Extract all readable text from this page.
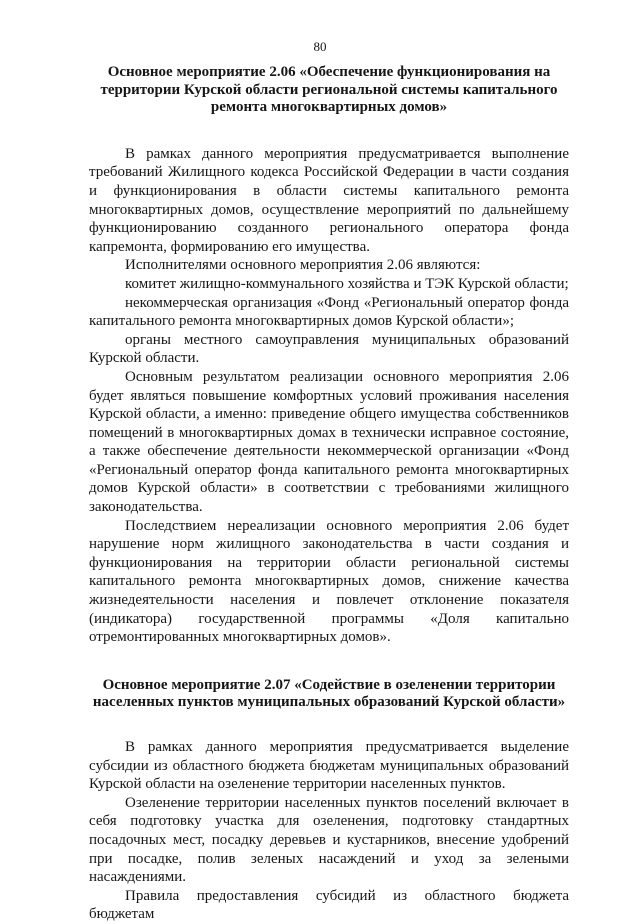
80
Основное мероприятие 2.06 «Обеспечение функционирования на
территории Курской области региональной системы капитального
ремонта многоквартирных домов»

В рамках данного мероприятия предусматривается выполнение требований Жилищного кодекса Российской Федерации в части создания и функционирования в области системы капитального ремонта многоквартирных домов, осуществление мероприятий по дальнейшему функционированию созданного регионального оператора фонда капремонта, формированию его имущества.

Исполнителями основного мероприятия 2.06 являются:

комитет жилищно-коммунального хозяйства и ТЭК Курской области;

некоммерческая организация «Фонд «Региональный оператор фонда капитального ремонта многоквартирных домов Курской области»;

органы местного самоуправления муниципальных образований Курской области.

Основным результатом реализации основного мероприятия 2.06 будет являться повышение комфортных условий проживания населения Курской области, а именно: приведение общего имущества собственников помещений в многоквартирных домах в технически исправное состояние, а также обеспечение деятельности некоммерческой организации «Фонд «Региональный оператор фонда капитального ремонта многоквартирных домов Курской области» в соответствии с требованиями жилищного законодательства.

Последствием нереализации основного мероприятия 2.06 будет нарушение норм жилищного законодательства в части создания и функционирования на территории области региональной системы капитального ремонта многоквартирных домов, снижение качества жизнедеятельности населения и повлечет отклонение показателя (индикатора) государственной программы «Доля капитально отремонтированных многоквартирных домов».

Основное мероприятие 2.07 «Содействие в озеленении территории
населенных пунктов муниципальных образований Курской области»

В рамках данного мероприятия предусматривается выделение субсидии из областного бюджета бюджетам муниципальных образований Курской области на озеленение территории населенных пунктов.

Озеленение территории населенных пунктов поселений включает в себя подготовку участка для озеленения, подготовку стандартных посадочных мест, посадку деревьев и кустарников, внесение удобрений при посадке, полив зеленых насаждений и уход за зелеными насаждениями.

Правила предоставления субсидий из областного бюджета бюджетам
